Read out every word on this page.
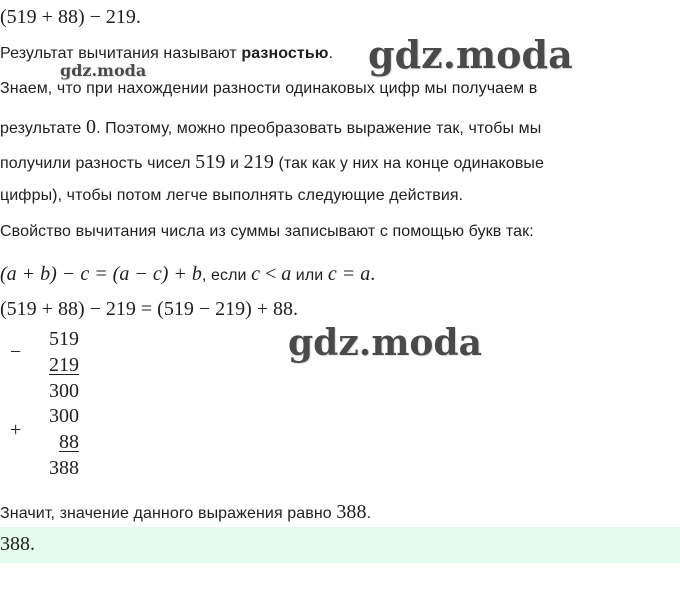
(519 + 88) − 219.
Результат вычитания называют разностью. gdz.moda
gdz.moda
Знаем, что при нахождении разности одинаковых цифр мы получаем в
результате 0. Поэтому, можно преобразовать выражение так, чтобы мы
получили разность чисел 519 и 219 (так как у них на конце одинаковые
цифры), чтобы потом легче выполнять следующие действия.
Свойство вычитания числа из суммы записывают с помощью букв так:
(a + b) − c = (a − c) + b, если c < a или c = a.
(519 + 88) − 219 = (519 − 219) + 88.
gdz.moda
−
519
219
300
300
+
88
388
Значит, значение данного выражения равно 388.
388.
